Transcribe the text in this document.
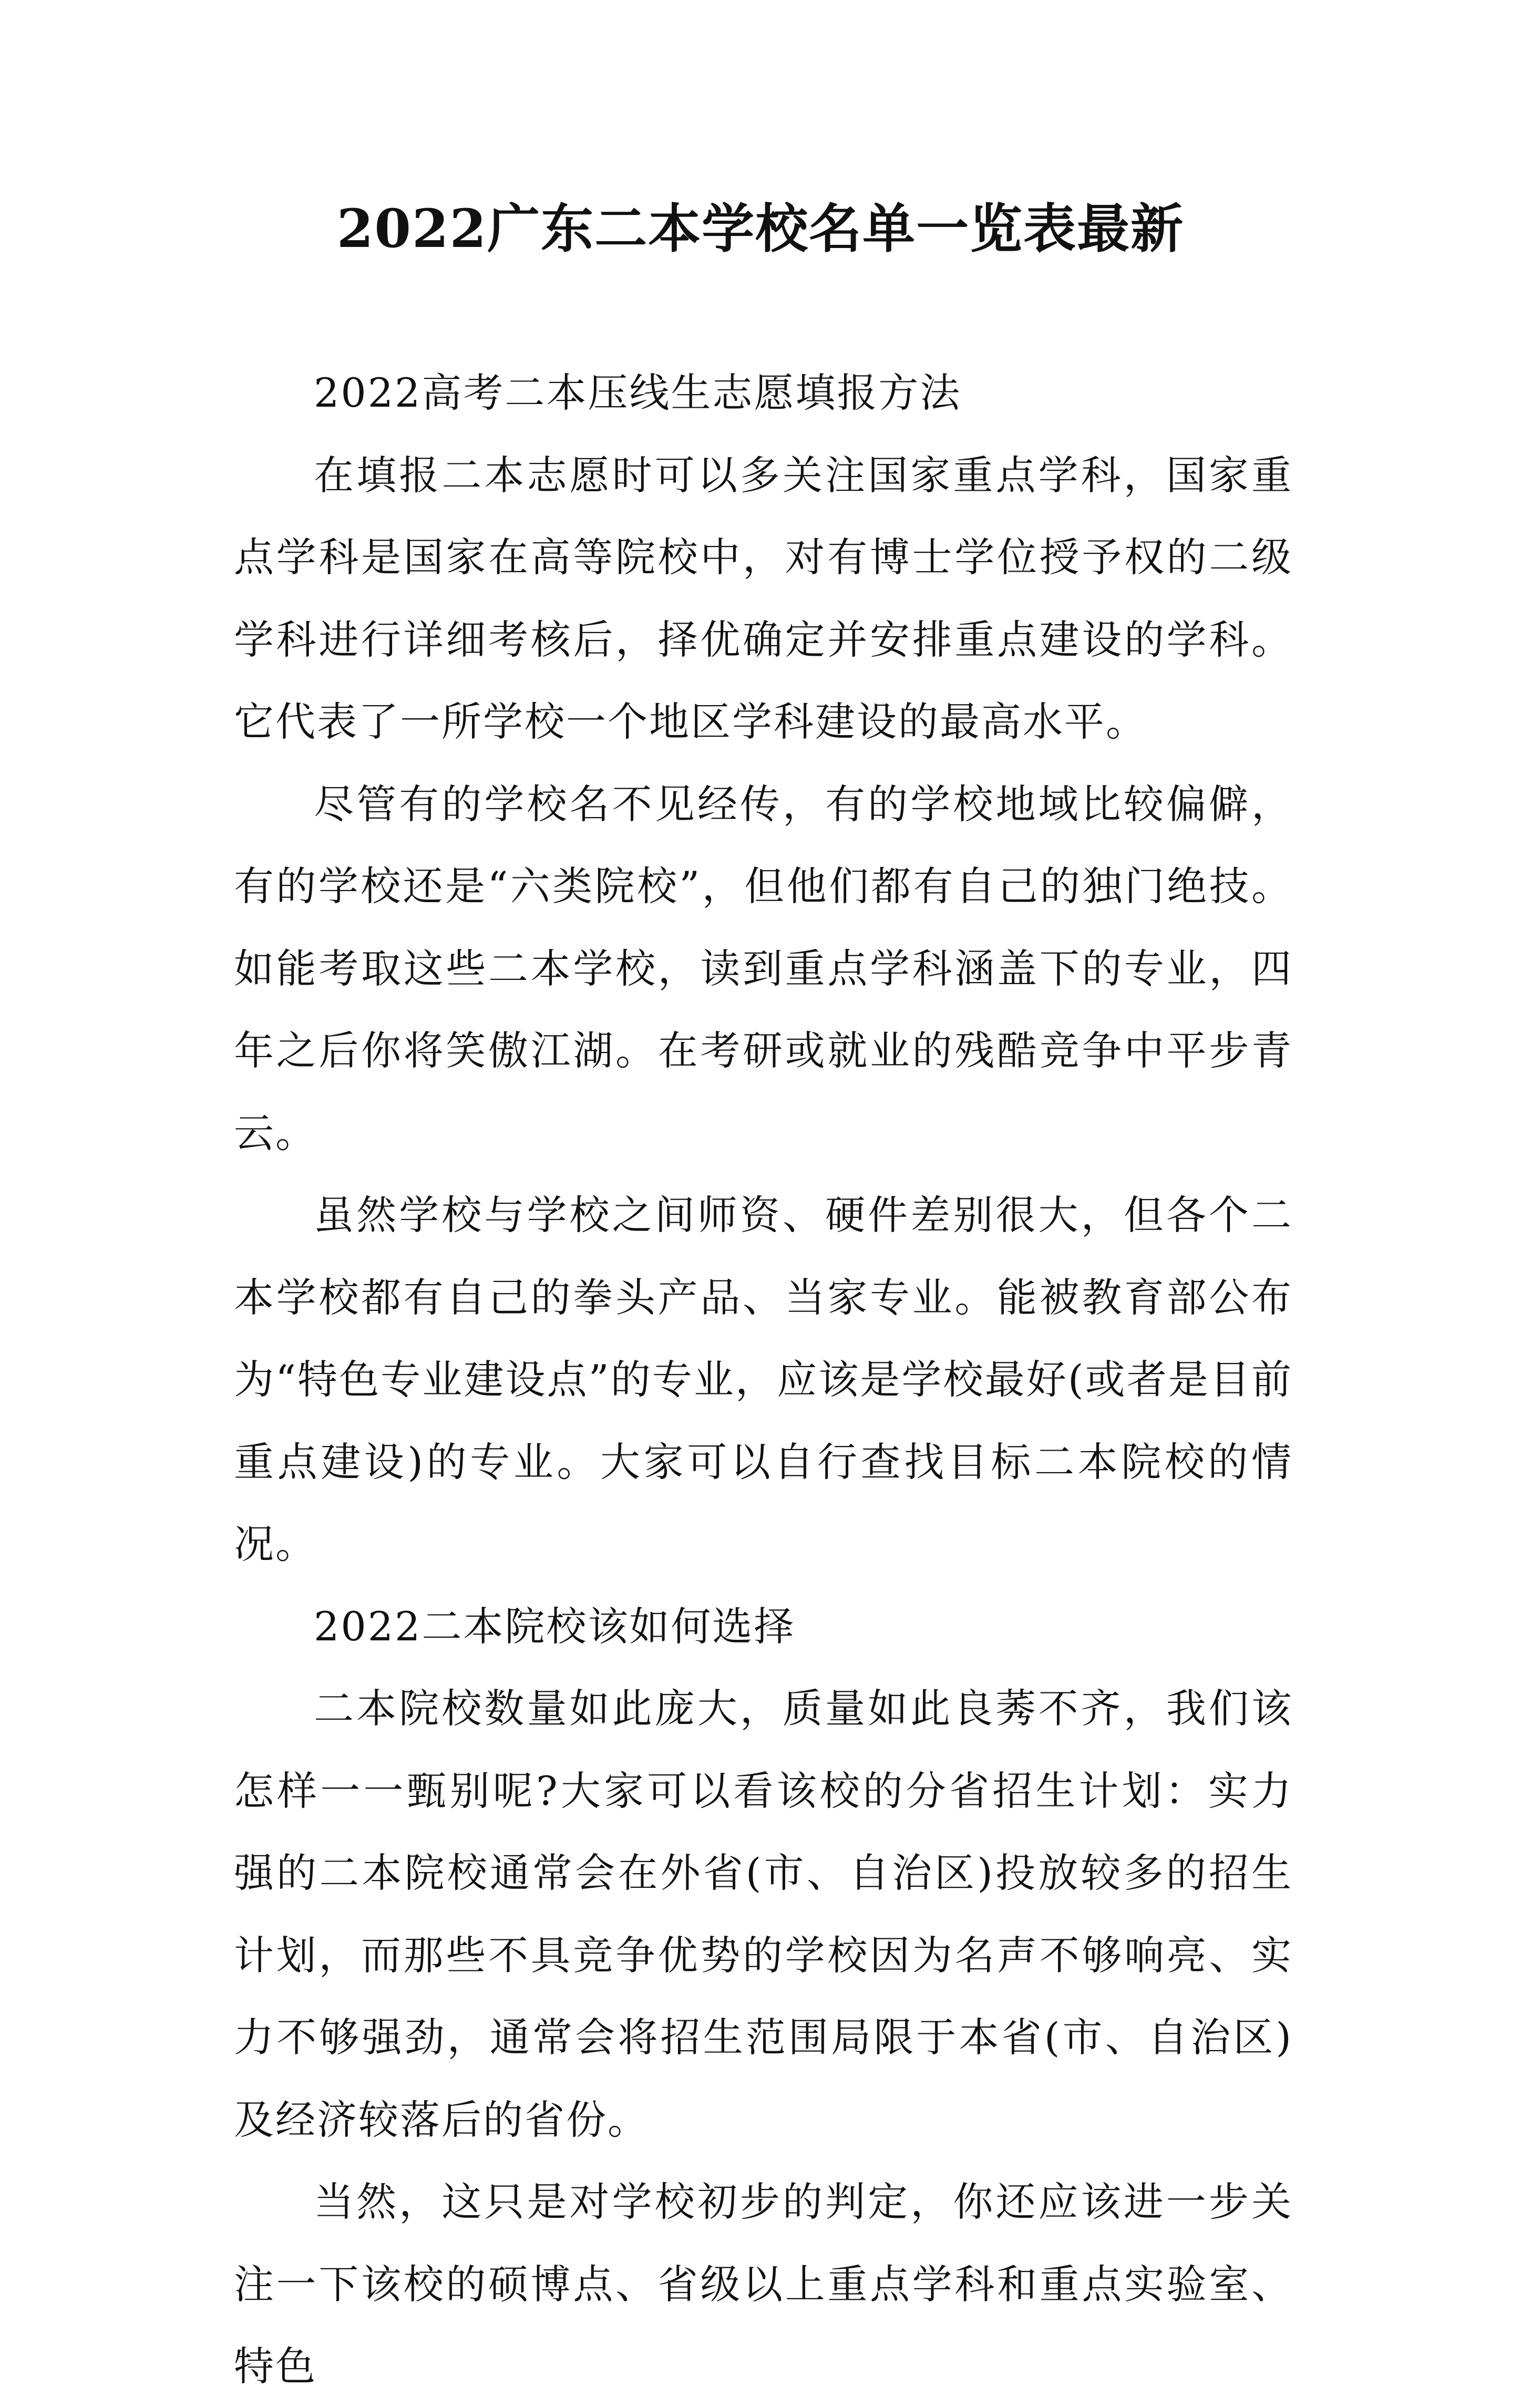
2022广东二本学校名单一览表最新

2022高考二本压线生志愿填报方法

在填报二本志愿时可以多关注国家重点学科，国家重点学科是国家在高等院校中，对有博士学位授予权的二级学科进行详细考核后，择优确定并安排重点建设的学科。它代表了一所学校一个地区学科建设的最高水平。

尽管有的学校名不见经传，有的学校地域比较偏僻，有的学校还是“六类院校”，但他们都有自己的独门绝技。如能考取这些二本学校，读到重点学科涵盖下的专业，四年之后你将笑傲江湖。在考研或就业的残酷竞争中平步青云。

虽然学校与学校之间师资、硬件差别很大，但各个二本学校都有自己的拳头产品、当家专业。能被教育部公布为“特色专业建设点”的专业，应该是学校最好(或者是目前重点建设)的专业。大家可以自行查找目标二本院校的情况。

2022二本院校该如何选择

二本院校数量如此庞大，质量如此良莠不齐，我们该怎样一一甄别呢?大家可以看该校的分省招生计划：实力强的二本院校通常会在外省(市、自治区)投放较多的招生计划，而那些不具竞争优势的学校因为名声不够响亮、实力不够强劲，通常会将招生范围局限于本省(市、自治区)及经济较落后的省份。

当然，这只是对学校初步的判定，你还应该进一步关注一下该校的硕博点、省级以上重点学科和重点实验室、特色
